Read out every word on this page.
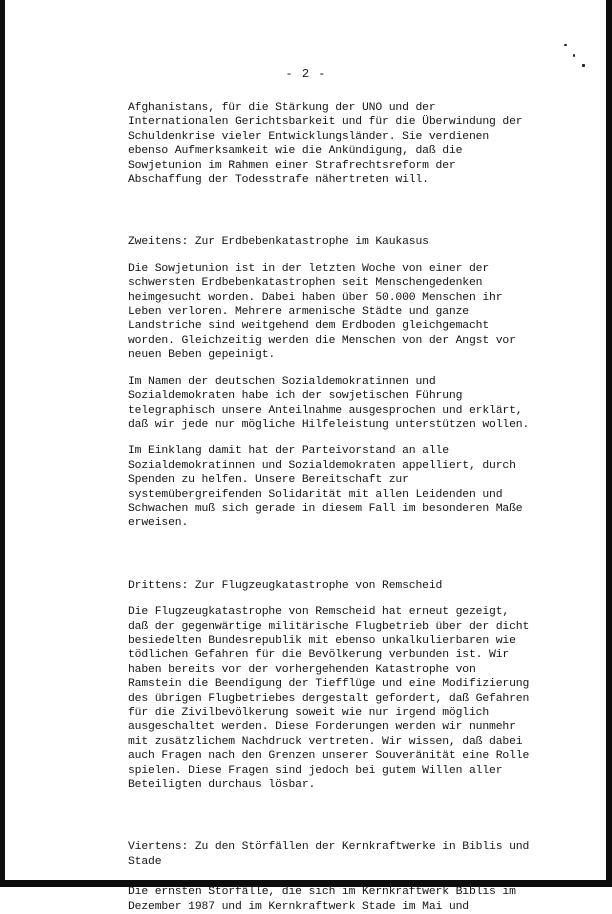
- 2 -

Afghanistans, für die Stärkung der UNO und der
Internationalen Gerichtsbarkeit und für die Überwindung der
Schuldenkrise vieler Entwicklungsländer. Sie verdienen
ebenso Aufmerksamkeit wie die Ankündigung, daß die
Sowjetunion im Rahmen einer Strafrechtsreform der
Abschaffung der Todesstrafe nähertreten will.

Zweitens: Zur Erdbebenkatastrophe im Kaukasus

Die Sowjetunion ist in der letzten Woche von einer der
schwersten Erdbebenkatastrophen seit Menschengedenken
heimgesucht worden. Dabei haben über 50.000 Menschen ihr
Leben verloren. Mehrere armenische Städte und ganze
Landstriche sind weitgehend dem Erdboden gleichgemacht
worden. Gleichzeitig werden die Menschen von der Angst vor
neuen Beben gepeinigt.

Im Namen der deutschen Sozialdemokratinnen und
Sozialdemokraten habe ich der sowjetischen Führung
telegraphisch unsere Anteilnahme ausgesprochen und erklärt,
daß wir jede nur mögliche Hilfeleistung unterstützen wollen.

Im Einklang damit hat der Parteivorstand an alle
Sozialdemokratinnen und Sozialdemokraten appelliert, durch
Spenden zu helfen. Unsere Bereitschaft zur
systemübergreifenden Solidarität mit allen Leidenden und
Schwachen muß sich gerade in diesem Fall im besonderen Maße
erweisen.

Drittens: Zur Flugzeugkatastrophe von Remscheid

Die Flugzeugkatastrophe von Remscheid hat erneut gezeigt,
daß der gegenwärtige militärische Flugbetrieb über der dicht
besiedelten Bundesrepublik mit ebenso unkalkulierbaren wie
tödlichen Gefahren für die Bevölkerung verbunden ist. Wir
haben bereits vor der vorhergehenden Katastrophe von
Ramstein die Beendigung der Tiefflüge und eine Modifizierung
des übrigen Flugbetriebes dergestalt gefordert, daß Gefahren
für die Zivilbevölkerung soweit wie nur irgend möglich
ausgeschaltet werden. Diese Forderungen werden wir nunmehr
mit zusätzlichem Nachdruck vertreten. Wir wissen, daß dabei
auch Fragen nach den Grenzen unserer Souveränität eine Rolle
spielen. Diese Fragen sind jedoch bei gutem Willen aller
Beteiligten durchaus lösbar.

Viertens: Zu den Störfällen der Kernkraftwerke in Biblis und
Stade

Die ernsten Störfälle, die sich im Kernkraftwerk Biblis im
Dezember 1987 und im Kernkraftwerk Stade im Mai und
